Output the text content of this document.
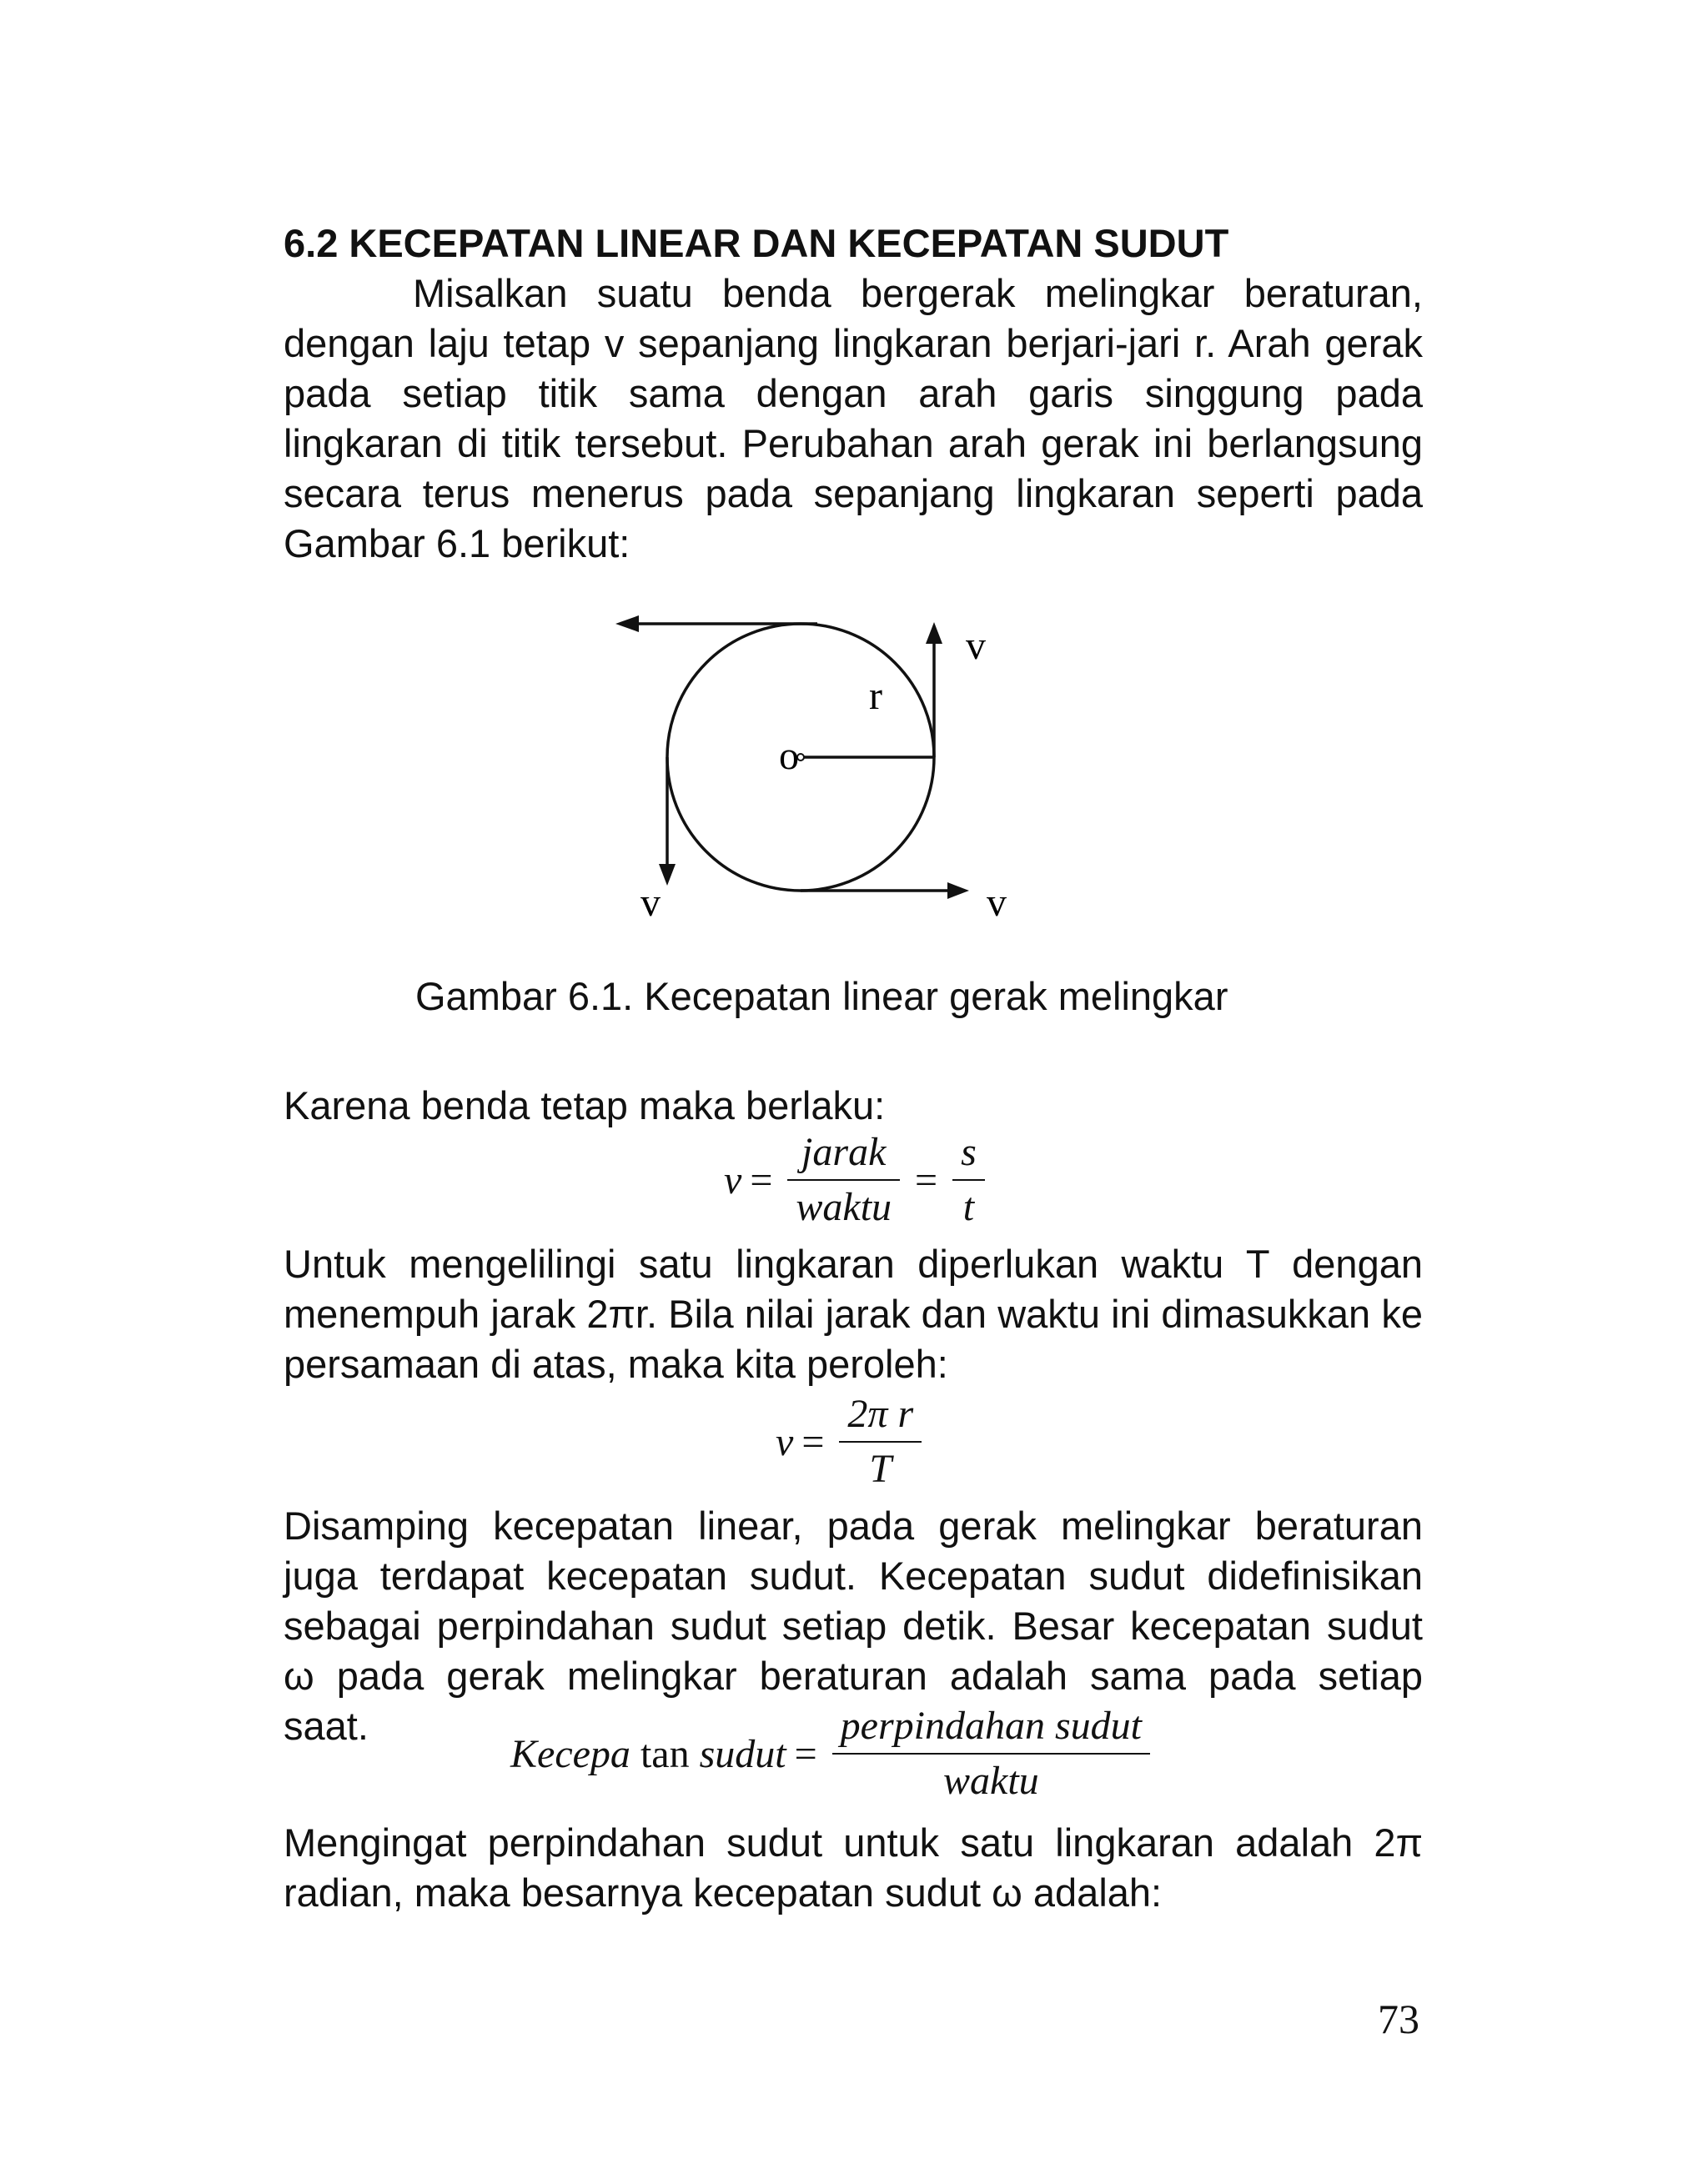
6.2 KECEPATAN LINEAR DAN KECEPATAN SUDUT

Misalkan suatu benda bergerak melingkar beraturan, dengan laju tetap v sepanjang lingkaran berjari-jari r. Arah gerak pada setiap titik sama dengan arah garis singgung pada lingkaran di titik tersebut. Perubahan arah gerak ini berlangsung secara terus menerus pada sepanjang lingkaran seperti pada Gambar 6.1 berikut:

o
r
v
v	v
Gambar 6.1. Kecepatan linear gerak melingkar
Karena benda tetap maka berlaku:
$v = \frac{\text{jarak}}{\text{waktu}} = \frac{s}{t}$

Untuk mengelilingi satu lingkaran diperlukan waktu T dengan menempuh jarak 2πr. Bila nilai jarak dan waktu ini dimasukkan ke persamaan di atas, maka kita peroleh:

$v = \frac{\text{2π r}}{T}$

Disamping kecepatan linear, pada gerak melingkar beraturan juga terdapat kecepatan sudut. Kecepatan sudut didefinisikan sebagai perpindahan sudut setiap detik. Besar kecepatan sudut ω pada gerak melingkar beraturan adalah sama pada setiap saat.

Kecepa tan sudut = $\frac{\text{perpindahan sudut}}{\text{waktu}}$

Mengingat perpindahan sudut untuk satu lingkaran adalah 2π radian, maka besarnya kecepatan sudut ω adalah:

73
